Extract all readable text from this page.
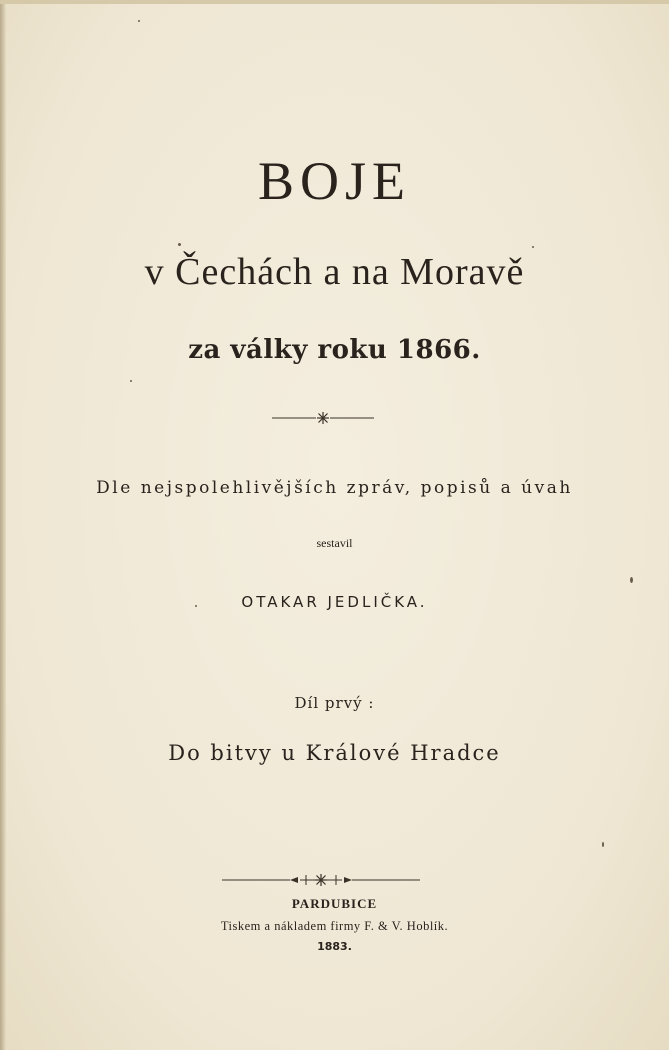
BOJE
v Čechách a na Moravě
za války roku 1866.
Dle nejspolehlivějších zpráv, popisů a úvah
sestavil
OTAKAR JEDLIČKA.
Díl prvý :
Do bitvy u Králové Hradce
PARDUBICE
Tiskem a nákladem firmy F. & V. Hoblík.
1883.
